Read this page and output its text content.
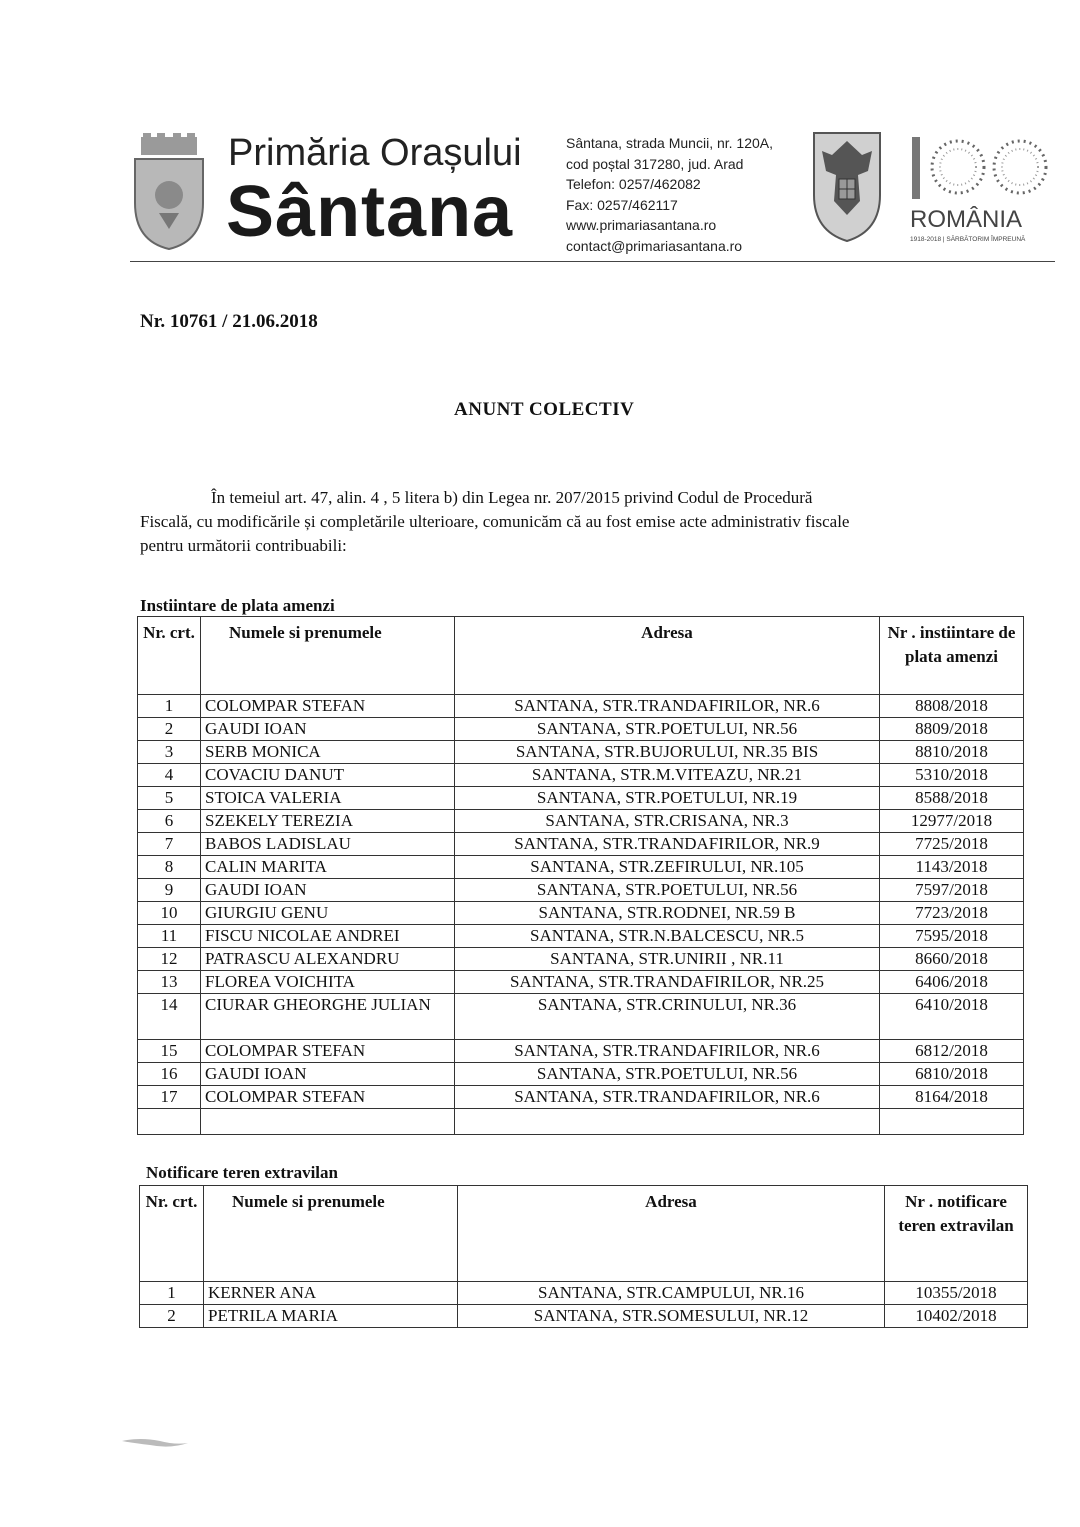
Primăria Orașului
Sântana
Sântana, strada Muncii, nr. 120A,
cod poștal 317280, jud. Arad
Telefon: 0257/462082
Fax: 0257/462117
www.primariasantana.ro
contact@primariasantana.ro
ROMÂNIA
1918-2018 | SĂRBĂTORIM ÎMPREUNĂ
Nr. 10761 / 21.06.2018
ANUNT COLECTIV
În temeiul art. 47, alin. 4 , 5 litera b) din Legea nr. 207/2015 privind Codul de Procedură
Fiscală, cu modificările și completările ulterioare, comunicăm că au fost emise acte administrativ fiscale
pentru următorii contribuabili:
Instiintare de plata amenzi
Nr. crt.	Numele si prenumele	Adresa	Nr . instiintare de plata amenzi
1	COLOMPAR STEFAN	SANTANA, STR.TRANDAFIRILOR, NR.6	8808/2018
2	GAUDI IOAN	SANTANA, STR.POETULUI, NR.56	8809/2018
3	SERB MONICA	SANTANA, STR.BUJORULUI, NR.35 BIS	8810/2018
4	COVACIU DANUT	SANTANA, STR.M.VITEAZU, NR.21	5310/2018
5	STOICA VALERIA	SANTANA, STR.POETULUI, NR.19	8588/2018
6	SZEKELY TEREZIA	SANTANA, STR.CRISANA, NR.3	12977/2018
7	BABOS LADISLAU	SANTANA, STR.TRANDAFIRILOR, NR.9	7725/2018
8	CALIN MARITA	SANTANA, STR.ZEFIRULUI, NR.105	1143/2018
9	GAUDI IOAN	SANTANA, STR.POETULUI, NR.56	7597/2018
10	GIURGIU GENU	SANTANA, STR.RODNEI, NR.59 B	7723/2018
11	FISCU NICOLAE ANDREI	SANTANA, STR.N.BALCESCU, NR.5	7595/2018
12	PATRASCU ALEXANDRU	SANTANA, STR.UNIRII , NR.11	8660/2018
13	FLOREA VOICHITA	SANTANA, STR.TRANDAFIRILOR, NR.25	6406/2018
14	CIURAR GHEORGHE JULIAN	SANTANA, STR.CRINULUI, NR.36	6410/2018
15	COLOMPAR STEFAN	SANTANA, STR.TRANDAFIRILOR, NR.6	6812/2018
16	GAUDI IOAN	SANTANA, STR.POETULUI, NR.56	6810/2018
17	COLOMPAR STEFAN	SANTANA, STR.TRANDAFIRILOR, NR.6	8164/2018

Notificare teren extravilan
Nr. crt.	Numele si prenumele	Adresa	Nr . notificare teren extravilan
1	KERNER ANA	SANTANA, STR.CAMPULUI, NR.16	10355/2018
2	PETRILA MARIA	SANTANA, STR.SOMESULUI, NR.12	10402/2018
